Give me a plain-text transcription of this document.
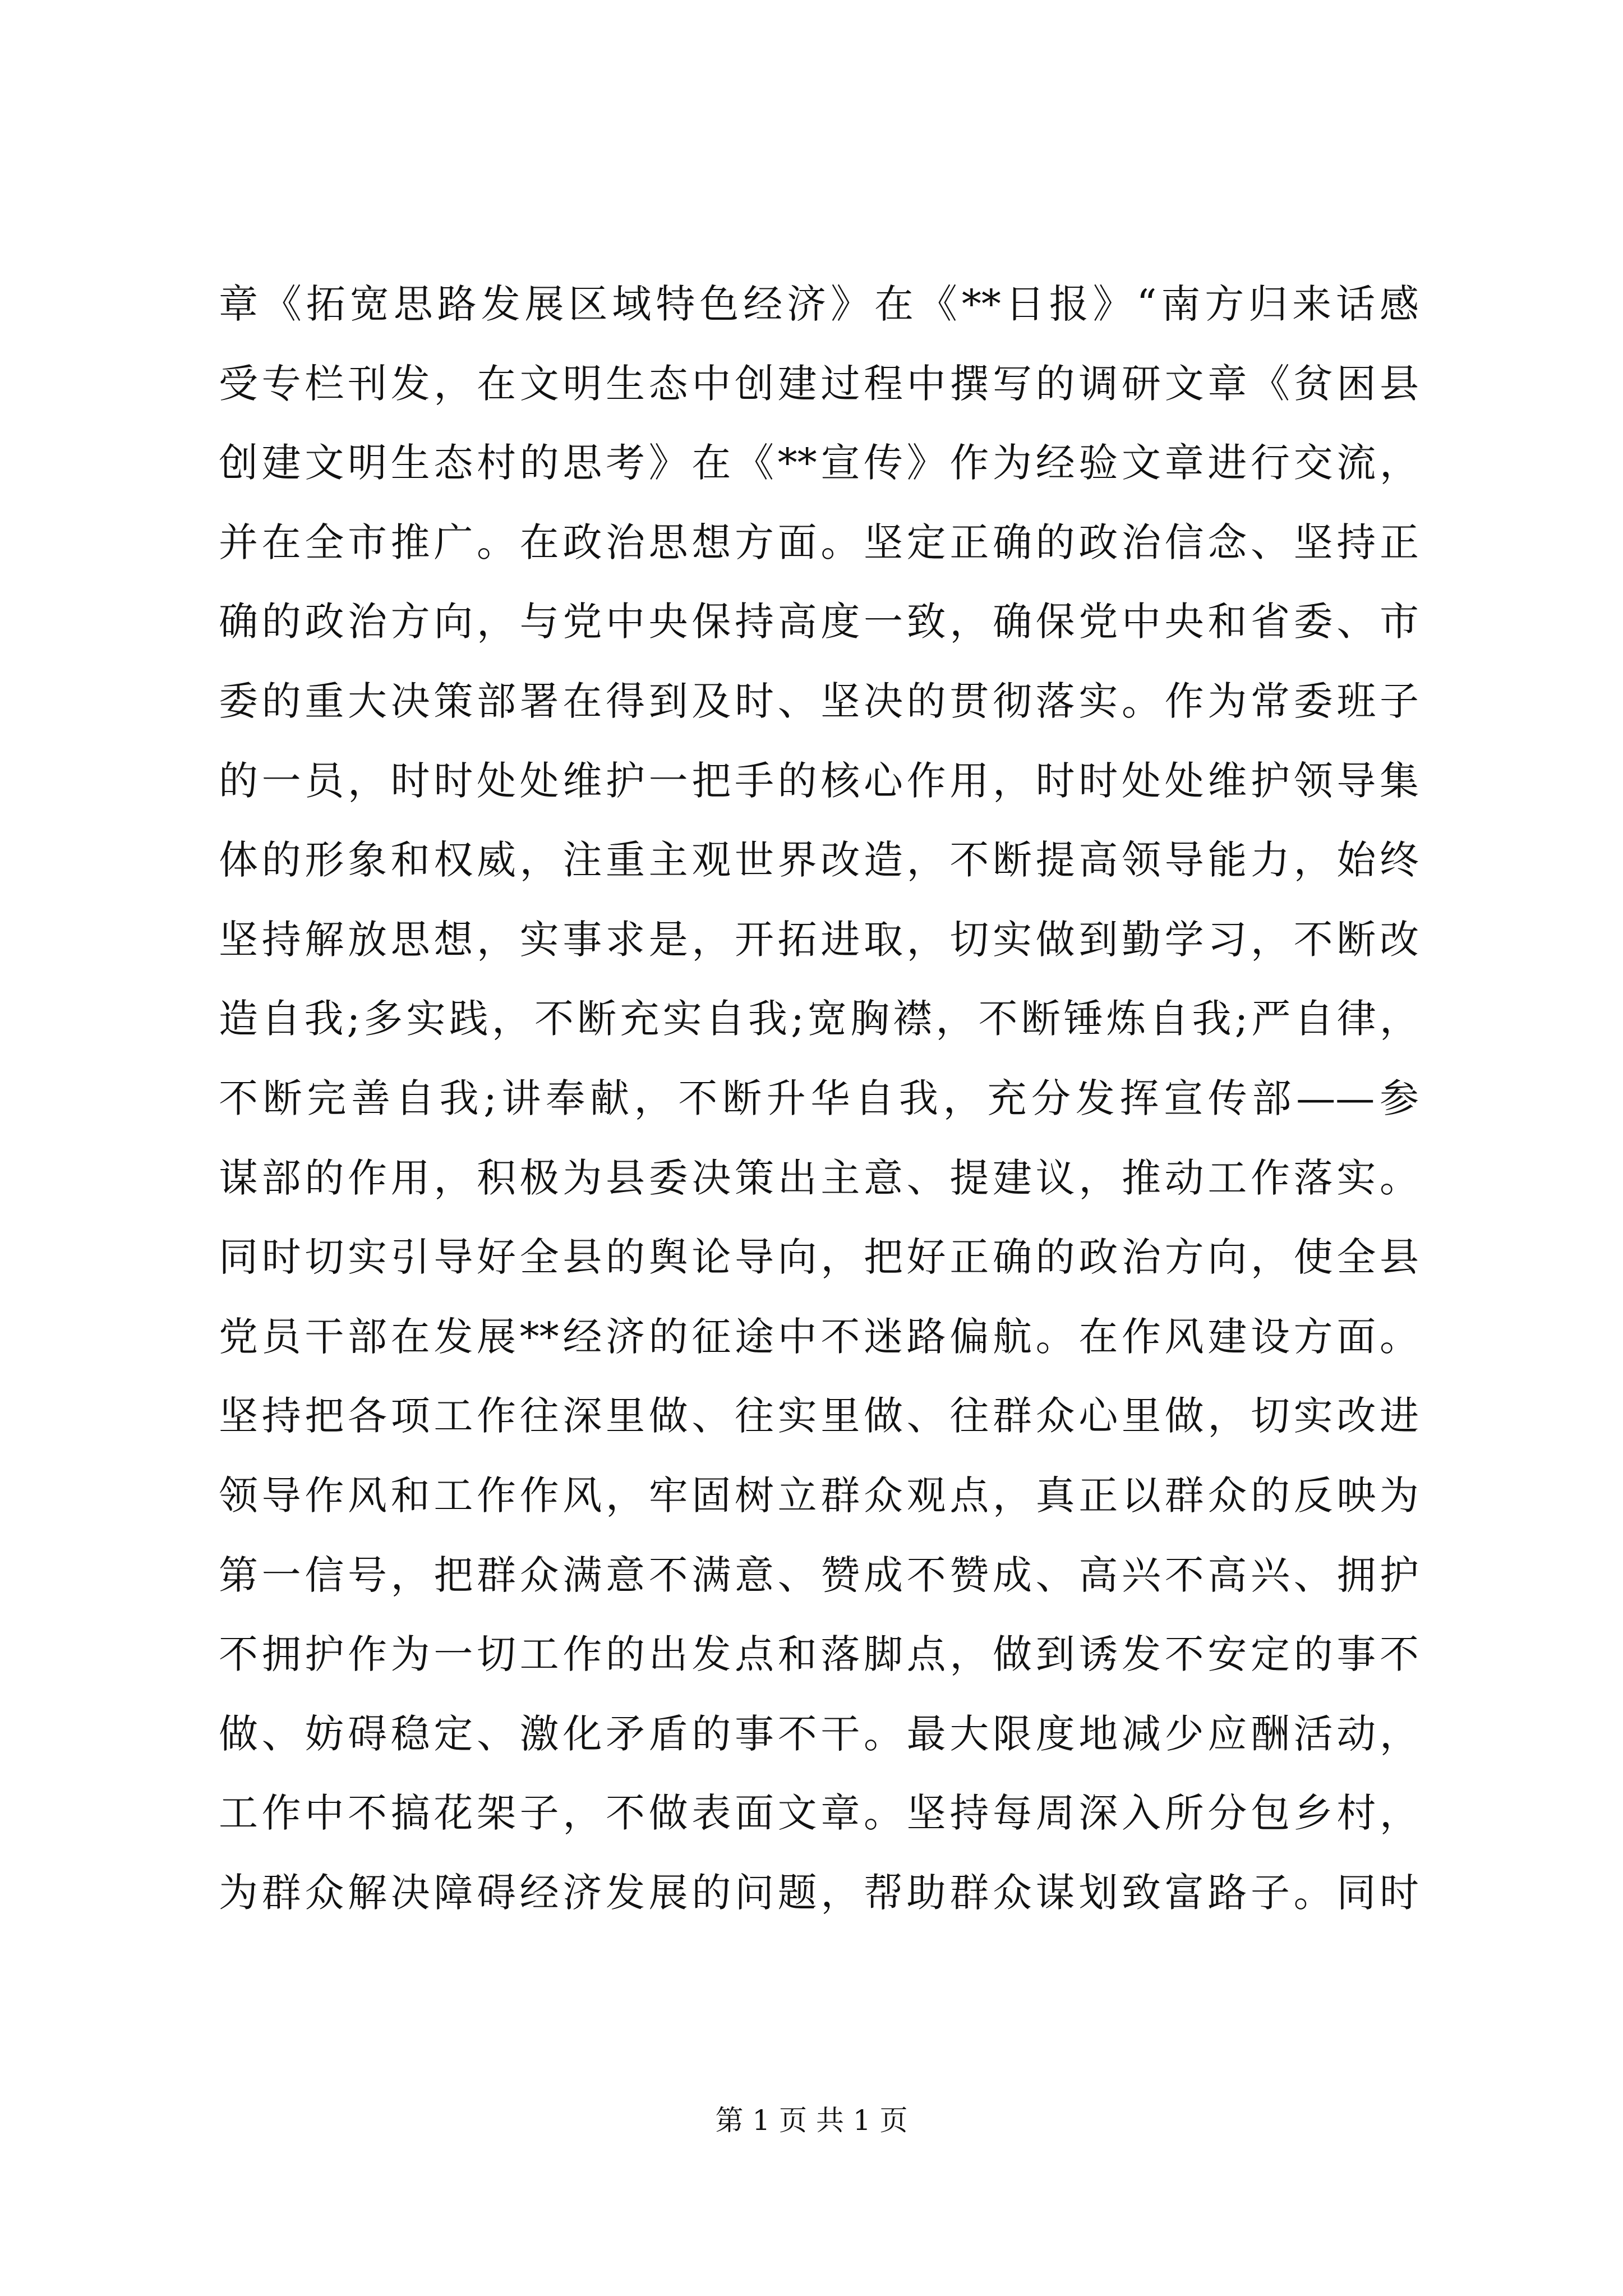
章《拓宽思路发展区域特色经济》在《**日报》“南方归来话感
受专栏刊发，在文明生态中创建过程中撰写的调研文章《贫困县
创建文明生态村的思考》在《**宣传》作为经验文章进行交流，
并在全市推广。在政治思想方面。坚定正确的政治信念、坚持正
确的政治方向，与党中央保持高度一致，确保党中央和省委、市
委的重大决策部署在得到及时、坚决的贯彻落实。作为常委班子
的一员，时时处处维护一把手的核心作用，时时处处维护领导集
体的形象和权威，注重主观世界改造，不断提高领导能力，始终
坚持解放思想，实事求是，开拓进取，切实做到勤学习，不断改
造自我;多实践，不断充实自我;宽胸襟，不断锤炼自我;严自律，
不断完善自我;讲奉献，不断升华自我，充分发挥宣传部——参
谋部的作用，积极为县委决策出主意、提建议，推动工作落实。
同时切实引导好全县的舆论导向，把好正确的政治方向，使全县
党员干部在发展**经济的征途中不迷路偏航。在作风建设方面。
坚持把各项工作往深里做、往实里做、往群众心里做，切实改进
领导作风和工作作风，牢固树立群众观点，真正以群众的反映为
第一信号，把群众满意不满意、赞成不赞成、高兴不高兴、拥护
不拥护作为一切工作的出发点和落脚点，做到诱发不安定的事不
做、妨碍稳定、激化矛盾的事不干。最大限度地减少应酬活动，
工作中不搞花架子，不做表面文章。坚持每周深入所分包乡村，
为群众解决障碍经济发展的问题，帮助群众谋划致富路子。同时
第 1 页 共 1 页
